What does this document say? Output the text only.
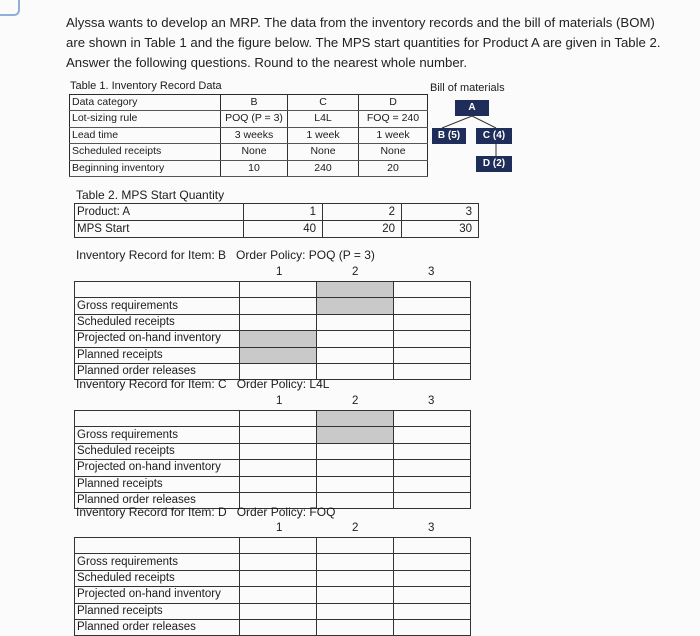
Alyssa wants to develop an MRP. The data from the inventory records and the bill of materials (BOM) are shown in Table 1 and the figure below. The MPS start quantities for Product A are given in Table 2. Answer the following questions. Round to the nearest whole number.
Table 1. Inventory Record Data	Bill of materials
Data category	B	C	D
Lot-sizing rule	POQ (P = 3)	L4L	FOQ = 240
Lead time	3 weeks	1 week	1 week
Scheduled receipts	None	None	None
Beginning inventory	10	240	20
A
B (5)	C (4)
D (2)
Table 2. MPS Start Quantity
Product: A	1	2	3
MPS Start	40	20	30
Inventory Record for Item: B   Order Policy: POQ (P = 3)
1	2	3

Gross requirements			
Scheduled receipts			
Projected on-hand inventory			
Planned receipts			
Planned order releases			
Inventory Record for Item: C   Order Policy: L4L
1	2	3

Gross requirements			
Scheduled receipts			
Projected on-hand inventory			
Planned receipts			
Planned order releases			
Inventory Record for Item: D   Order Policy: FOQ
1	2	3

Gross requirements			
Scheduled receipts			
Projected on-hand inventory			
Planned receipts			
Planned order releases			
